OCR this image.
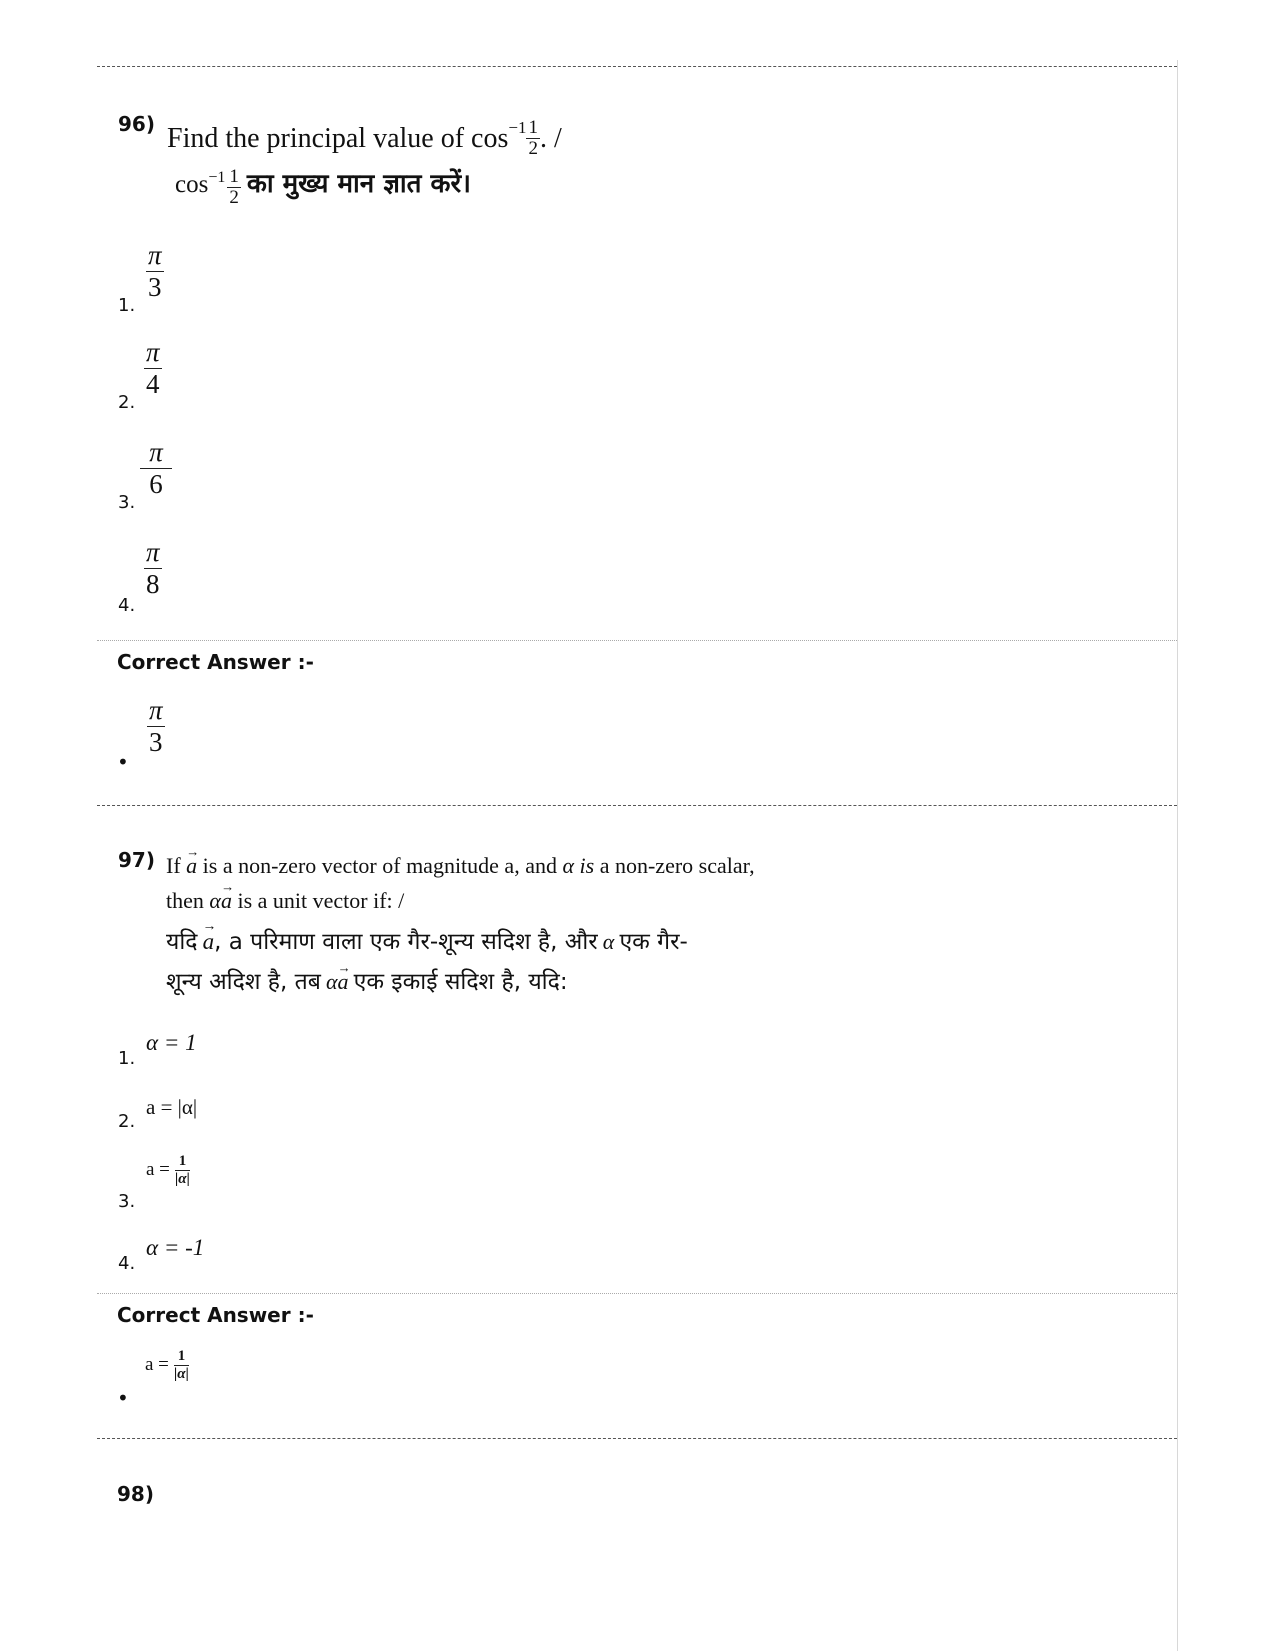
96) Find the principal value of $\cos^{-1} \frac{1}{2}$ . /
$\cos^{-1} \frac{1}{2}$ का मुख्य मान ज्ञात करें।
1.
π
3
2.
π
4
3.
π
6
4.
π
8
Correct Answer :-
•
π
3
97) If → a is a non-zero vector of magnitude a, and α is a non-zero scalar,
then α→ a is a unit vector if: /
यदि → a, a परिमाण वाला एक गैर-शून्य सदिश है, और α एक गैर-
शून्य अदिश है, तब α→ a एक इकाई सदिश है, यदि:
1.
α = 1
2.
a = |α|
3.
$a = \frac{1}{|\alpha|}$
4.
α = -1
Correct Answer :-
•
$a = \frac{1}{|\alpha|}$
98)
